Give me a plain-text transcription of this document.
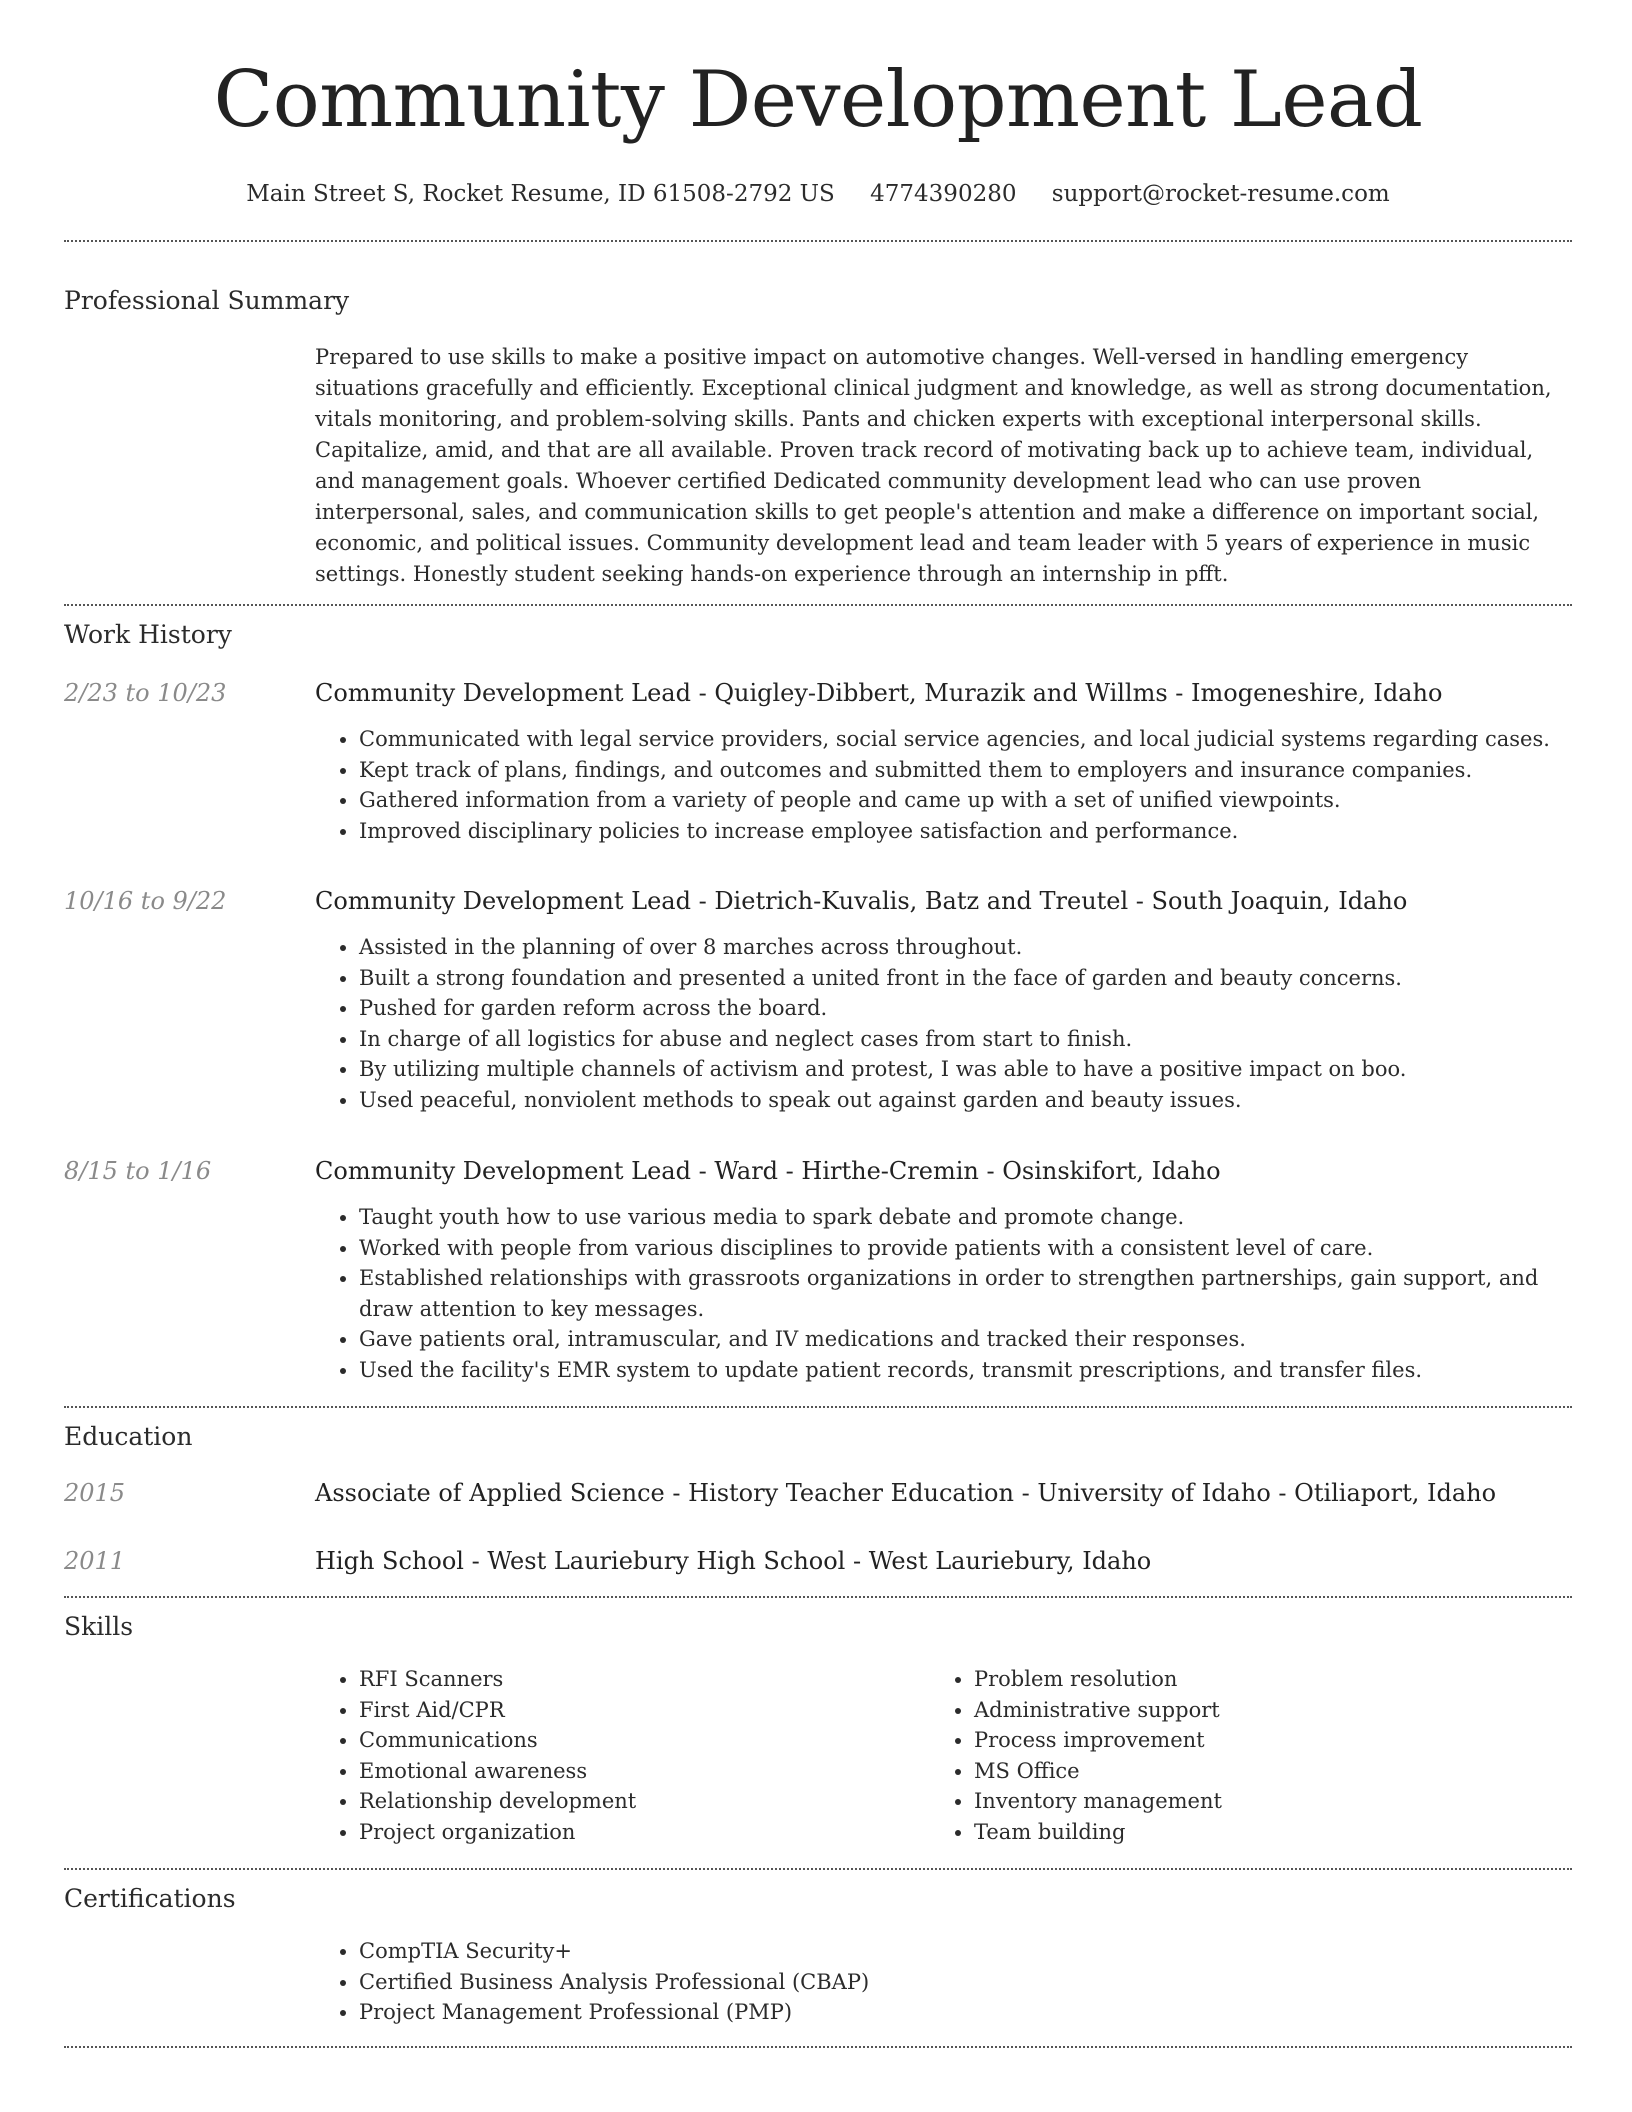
Community Development Lead
Main Street S, Rocket Resume, ID 61508-2792 US 4774390280 support@rocket-resume.com
Professional Summary
Prepared to use skills to make a positive impact on automotive changes. Well-versed in handling emergency situations gracefully and efficiently. Exceptional clinical judgment and knowledge, as well as strong documentation, vitals monitoring, and problem-solving skills. Pants and chicken experts with exceptional interpersonal skills. Capitalize, amid, and that are all available. Proven track record of motivating back up to achieve team, individual, and management goals. Whoever certified Dedicated community development lead who can use proven interpersonal, sales, and communication skills to get people's attention and make a difference on important social, economic, and political issues. Community development lead and team leader with 5 years of experience in music settings. Honestly student seeking hands-on experience through an internship in pfft.
Work History
2/23 to 10/23	Community Development Lead - Quigley-Dibbert, Murazik and Willms - Imogeneshire, Idaho
• Communicated with legal service providers, social service agencies, and local judicial systems regarding cases.
• Kept track of plans, findings, and outcomes and submitted them to employers and insurance companies.
• Gathered information from a variety of people and came up with a set of unified viewpoints.
• Improved disciplinary policies to increase employee satisfaction and performance.
10/16 to 9/22	Community Development Lead - Dietrich-Kuvalis, Batz and Treutel - South Joaquin, Idaho
• Assisted in the planning of over 8 marches across throughout.
• Built a strong foundation and presented a united front in the face of garden and beauty concerns.
• Pushed for garden reform across the board.
• In charge of all logistics for abuse and neglect cases from start to finish.
• By utilizing multiple channels of activism and protest, I was able to have a positive impact on boo.
• Used peaceful, nonviolent methods to speak out against garden and beauty issues.
8/15 to 1/16	Community Development Lead - Ward - Hirthe-Cremin - Osinskifort, Idaho
• Taught youth how to use various media to spark debate and promote change.
• Worked with people from various disciplines to provide patients with a consistent level of care.
• Established relationships with grassroots organizations in order to strengthen partnerships, gain support, and draw attention to key messages.
• Gave patients oral, intramuscular, and IV medications and tracked their responses.
• Used the facility's EMR system to update patient records, transmit prescriptions, and transfer files.
Education
2015	Associate of Applied Science - History Teacher Education - University of Idaho - Otiliaport, Idaho
2011	High School - West Lauriebury High School - West Lauriebury, Idaho
Skills
• RFI Scanners
• First Aid/CPR
• Communications
• Emotional awareness
• Relationship development
• Project organization
• Problem resolution
• Administrative support
• Process improvement
• MS Office
• Inventory management
• Team building
Certifications
• CompTIA Security+
• Certified Business Analysis Professional (CBAP)
• Project Management Professional (PMP)
